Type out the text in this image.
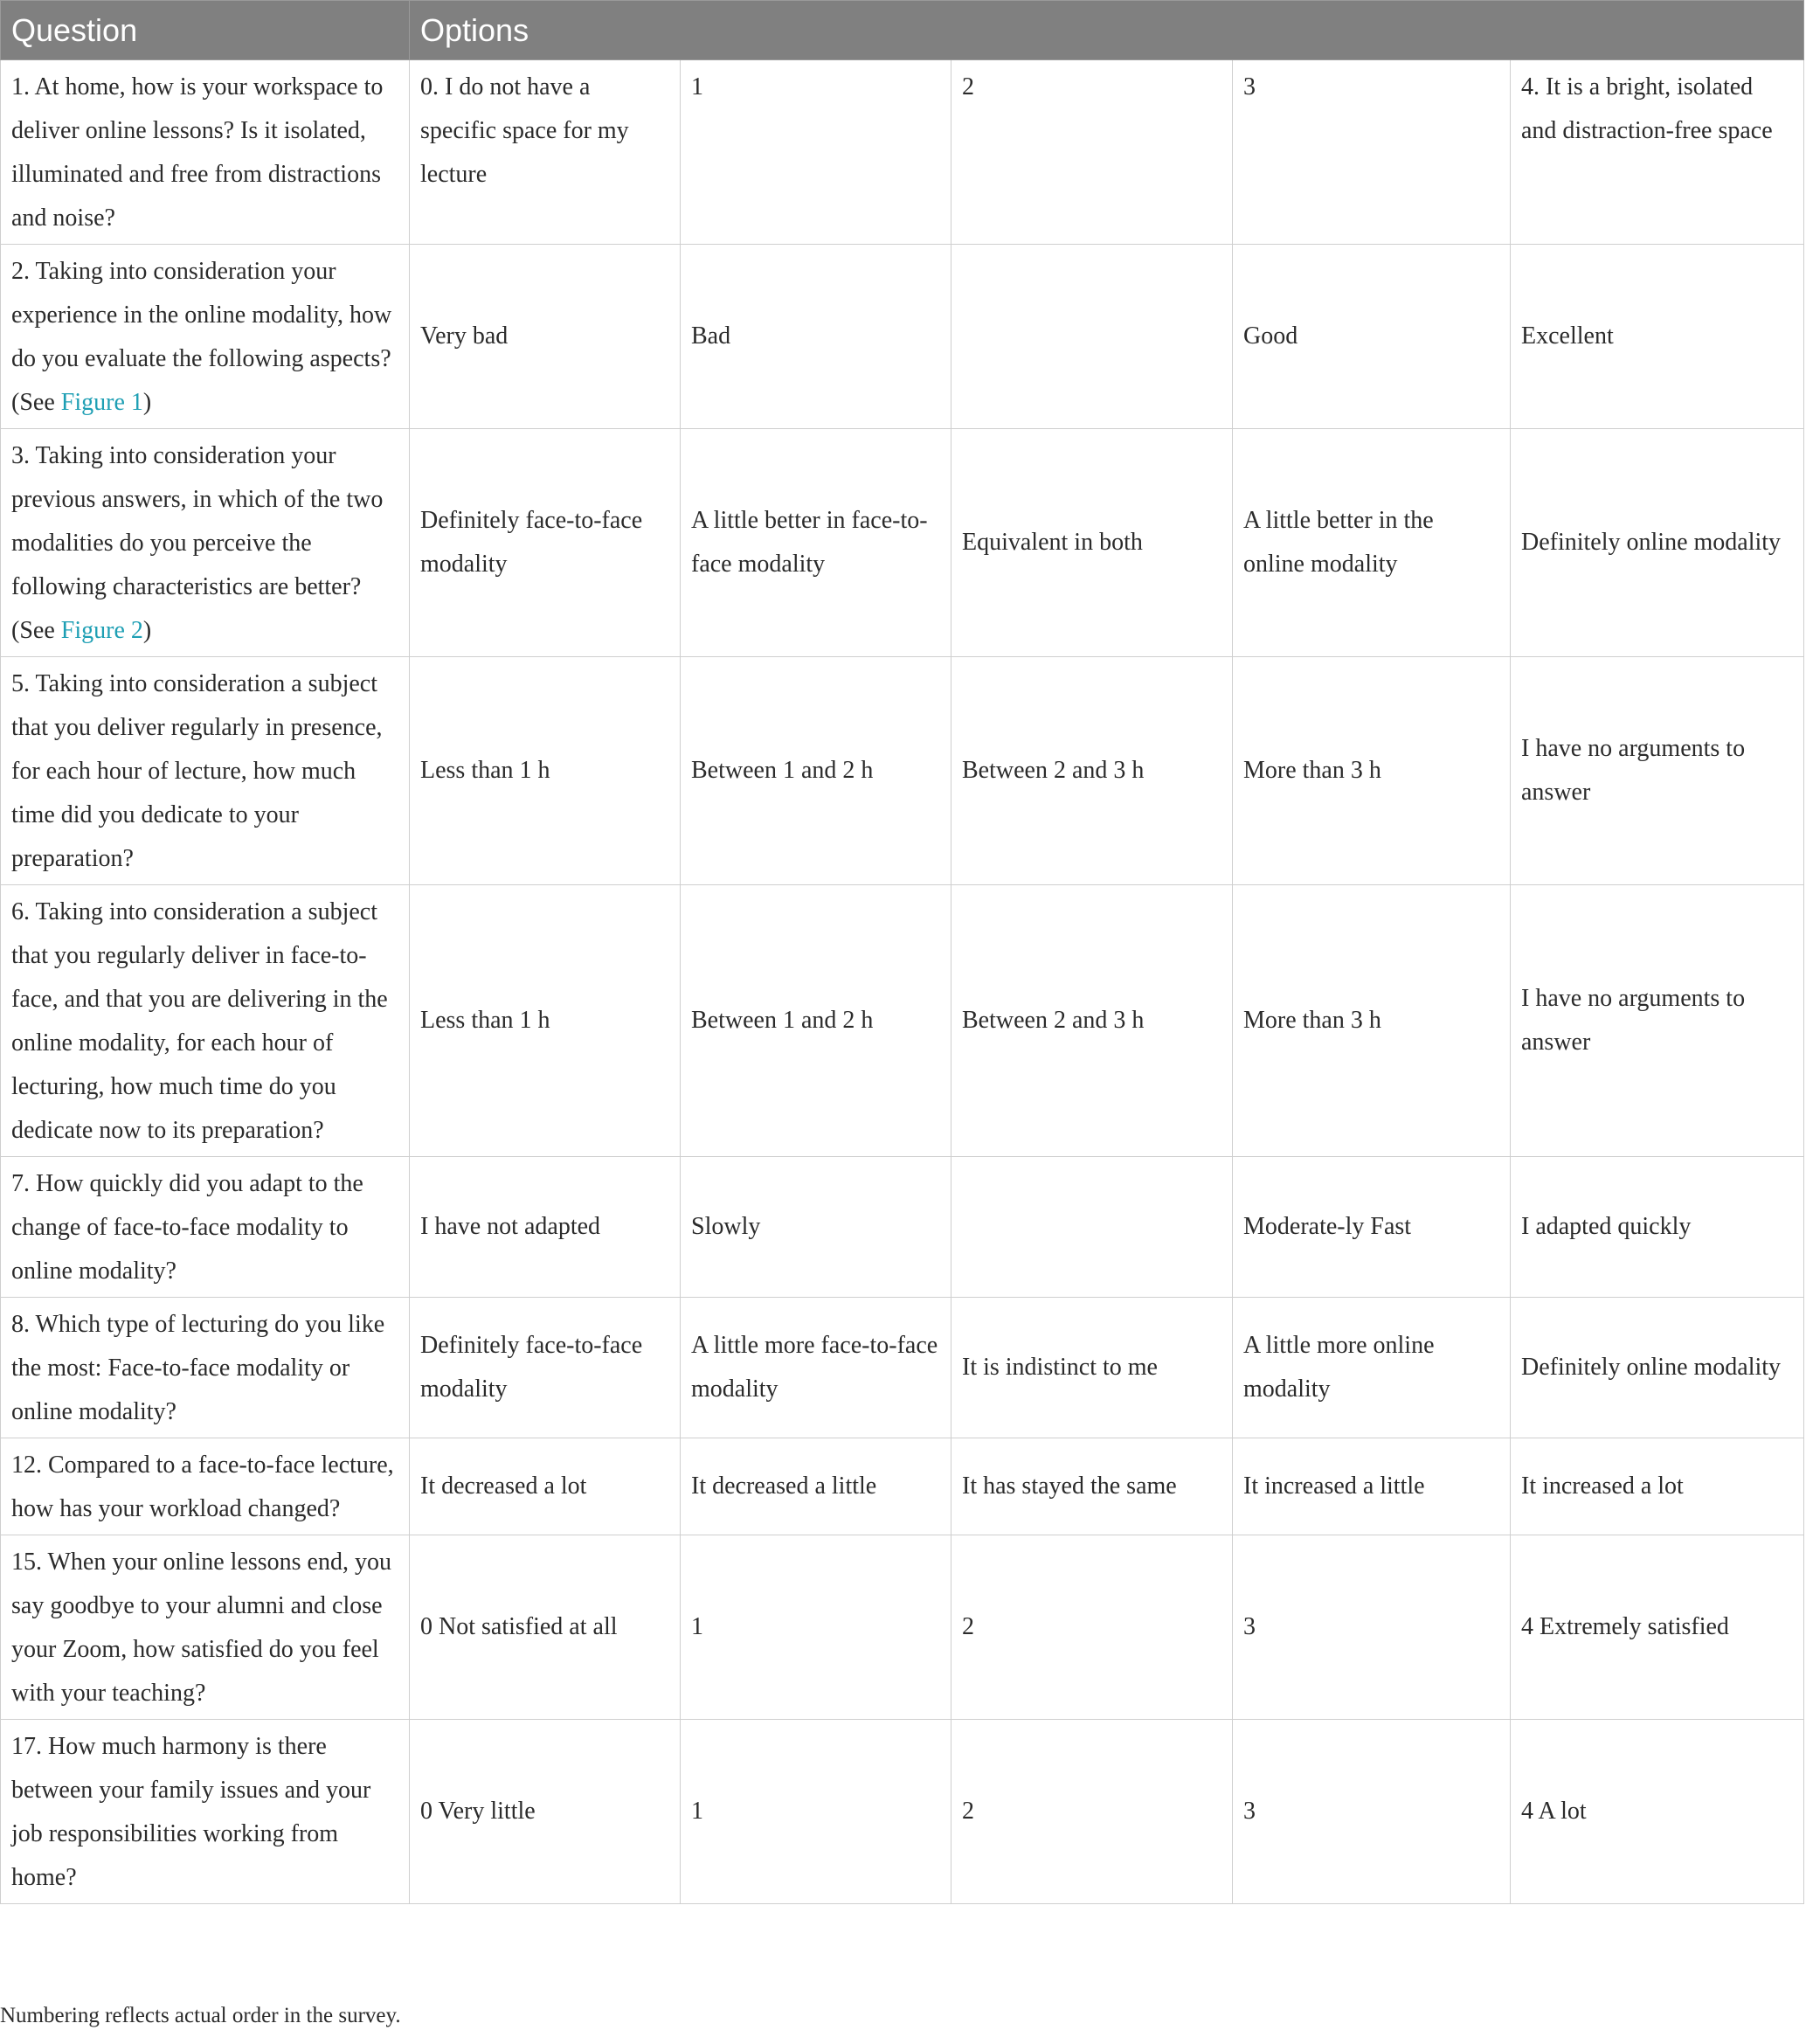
Question	Options				
1. At home, how is your workspace to deliver online lessons? Is it isolated, illuminated and free from distractions and noise?	0. I do not have a specific space for my lecture	1	2	3	4. It is a bright, isolated and distraction-free space
2. Taking into consideration your experience in the online modality, how do you evaluate the following aspects? (See Figure 1)	Very bad	Bad		Good	Excellent
3. Taking into consideration your previous answers, in which of the two modalities do you perceive the following characteristics are better? (See Figure 2)	Definitely face-to-face modality	A little better in face-to-face modality	Equivalent in both	A little better in the online modality	Definitely online modality
5. Taking into consideration a subject that you deliver regularly in presence, for each hour of lecture, how much time did you dedicate to your preparation?	Less than 1 h	Between 1 and 2 h	Between 2 and 3 h	More than 3 h	I have no arguments to answer
6. Taking into consideration a subject that you regularly deliver in face-to-face, and that you are delivering in the online modality, for each hour of lecturing, how much time do you dedicate now to its preparation?	Less than 1 h	Between 1 and 2 h	Between 2 and 3 h	More than 3 h	I have no arguments to answer
7. How quickly did you adapt to the change of face-to-face modality to online modality?	I have not adapted	Slowly		Moderate-ly Fast	I adapted quickly
8. Which type of lecturing do you like the most: Face-to-face modality or online modality?	Definitely face-to-face modality	A little more face-to-face modality	It is indistinct to me	A little more online modality	Definitely online modality
12. Compared to a face-to-face lecture, how has your workload changed?	It decreased a lot	It decreased a little	It has stayed the same	It increased a little	It increased a lot
15. When your online lessons end, you say goodbye to your alumni and close your Zoom, how satisfied do you feel with your teaching?	0 Not satisfied at all	1	2	3	4 Extremely satisfied
17. How much harmony is there between your family issues and your job responsibilities working from home?	0 Very little	1	2	3	4 A lot
Numbering reflects actual order in the survey.
